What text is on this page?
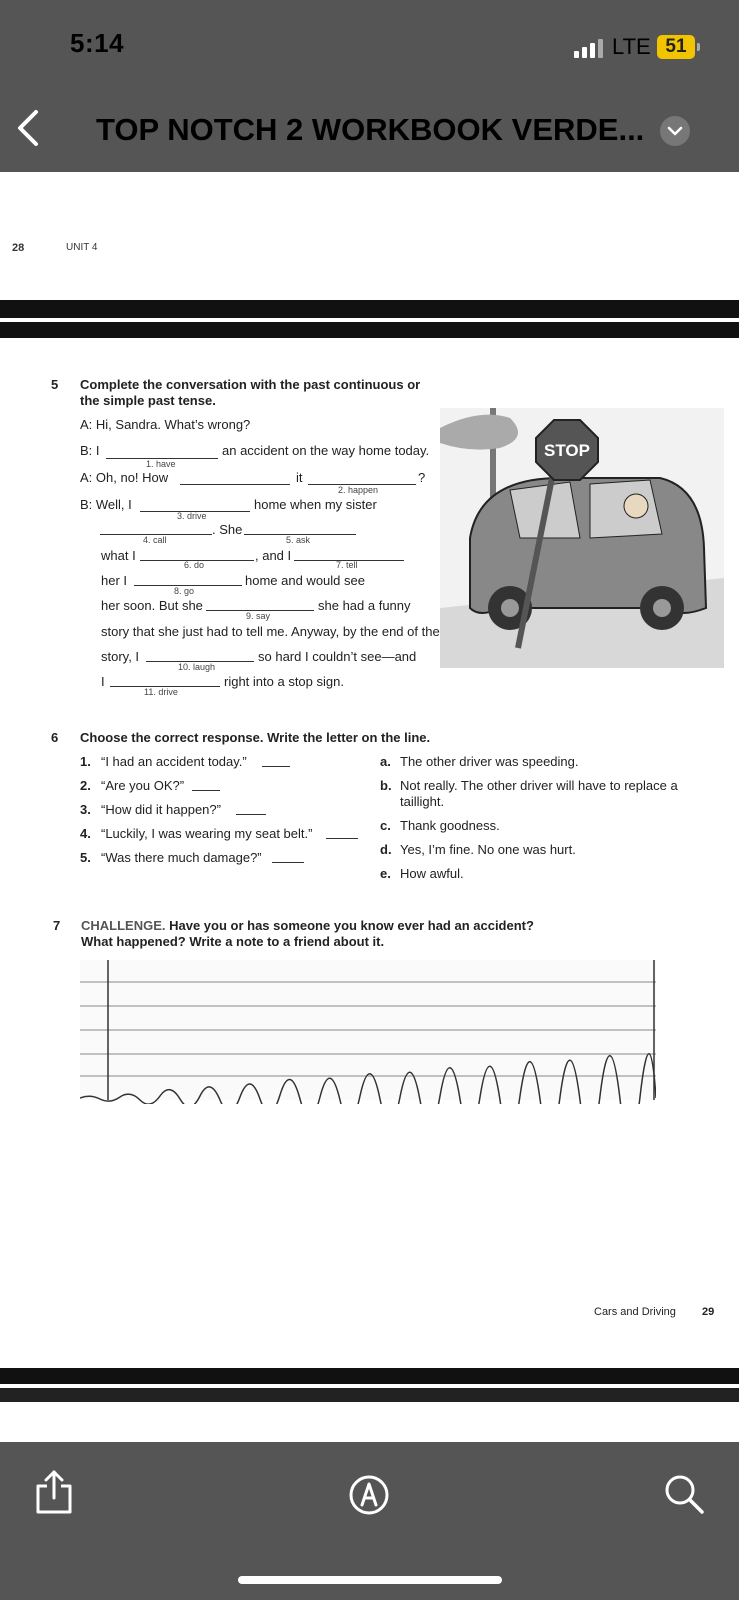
5:14	LTE 51
TOP NOTCH 2 WORKBOOK VERDE...
28	UNIT 4
5 Complete the conversation with the past continuous or
the simple past tense.
A: Hi, Sandra. What’s wrong?
B: I
1. have
an accident on the way home today.
A: Oh, no! How	it	?
2. happen
B: Well, I
3. drive
home when my sister
. She
4. call	5. ask
what I	, and I
6. do	7. tell
her I	home and would see
8. go
her soon. But she	she had a funny
9. say
story that she just had to tell me. Anyway, by the end of the
story, I	so hard I couldn’t see—and
10. laugh
I	right into a stop sign.
11. drive
STOP
6 Choose the correct response. Write the letter on the line.
1. “I had an accident today.”
2. “Are you OK?”
3. “How did it happen?”
4. “Luckily, I was wearing my seat belt.”
5. “Was there much damage?”
a. The other driver was speeding.
b. Not really. The other driver will have to replace a
taillight.
c. Thank goodness.
d. Yes, I’m fine. No one was hurt.
e. How awful.
7 CHALLENGE. Have you or has someone you know ever had an accident?
What happened? Write a note to a friend about it.
Cars and Driving 29
